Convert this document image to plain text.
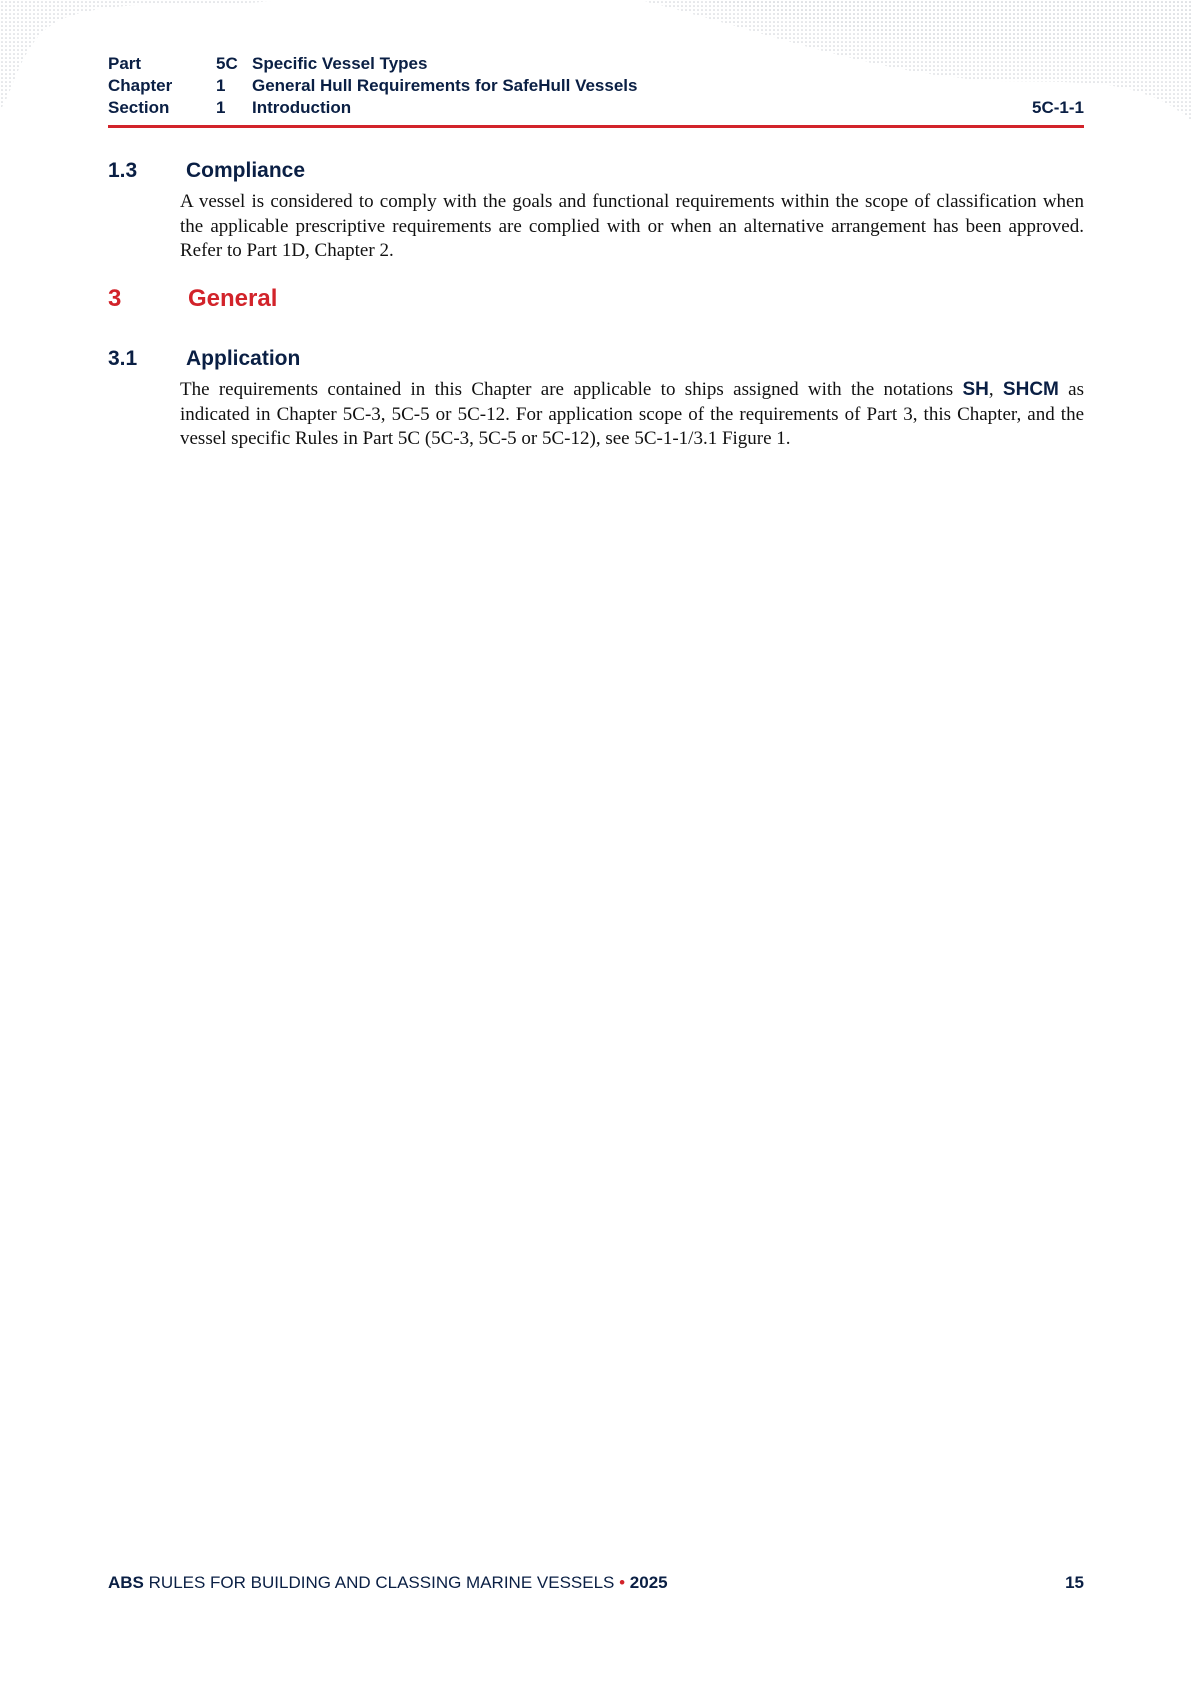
Part	5C Specific Vessel Types
Chapter	1 General Hull Requirements for SafeHull Vessels
Section	1 Introduction	5C-1-1
1.3 Compliance

A vessel is considered to comply with the goals and functional requirements within the scope of classification when the applicable prescriptive requirements are complied with or when an alternative arrangement has been approved. Refer to Part 1D, Chapter 2.

3	General
3.1 Application

The requirements contained in this Chapter are applicable to ships assigned with the notations SH, SHCM as indicated in Chapter 5C-3, 5C-5 or 5C-12. For application scope of the requirements of Part 3, this Chapter, and the vessel specific Rules in Part 5C (5C-3, 5C-5 or 5C-12), see 5C-1-1/3.1 Figure 1.

ABS RULES FOR BUILDING AND CLASSING MARINE VESSELS • 2025	15
